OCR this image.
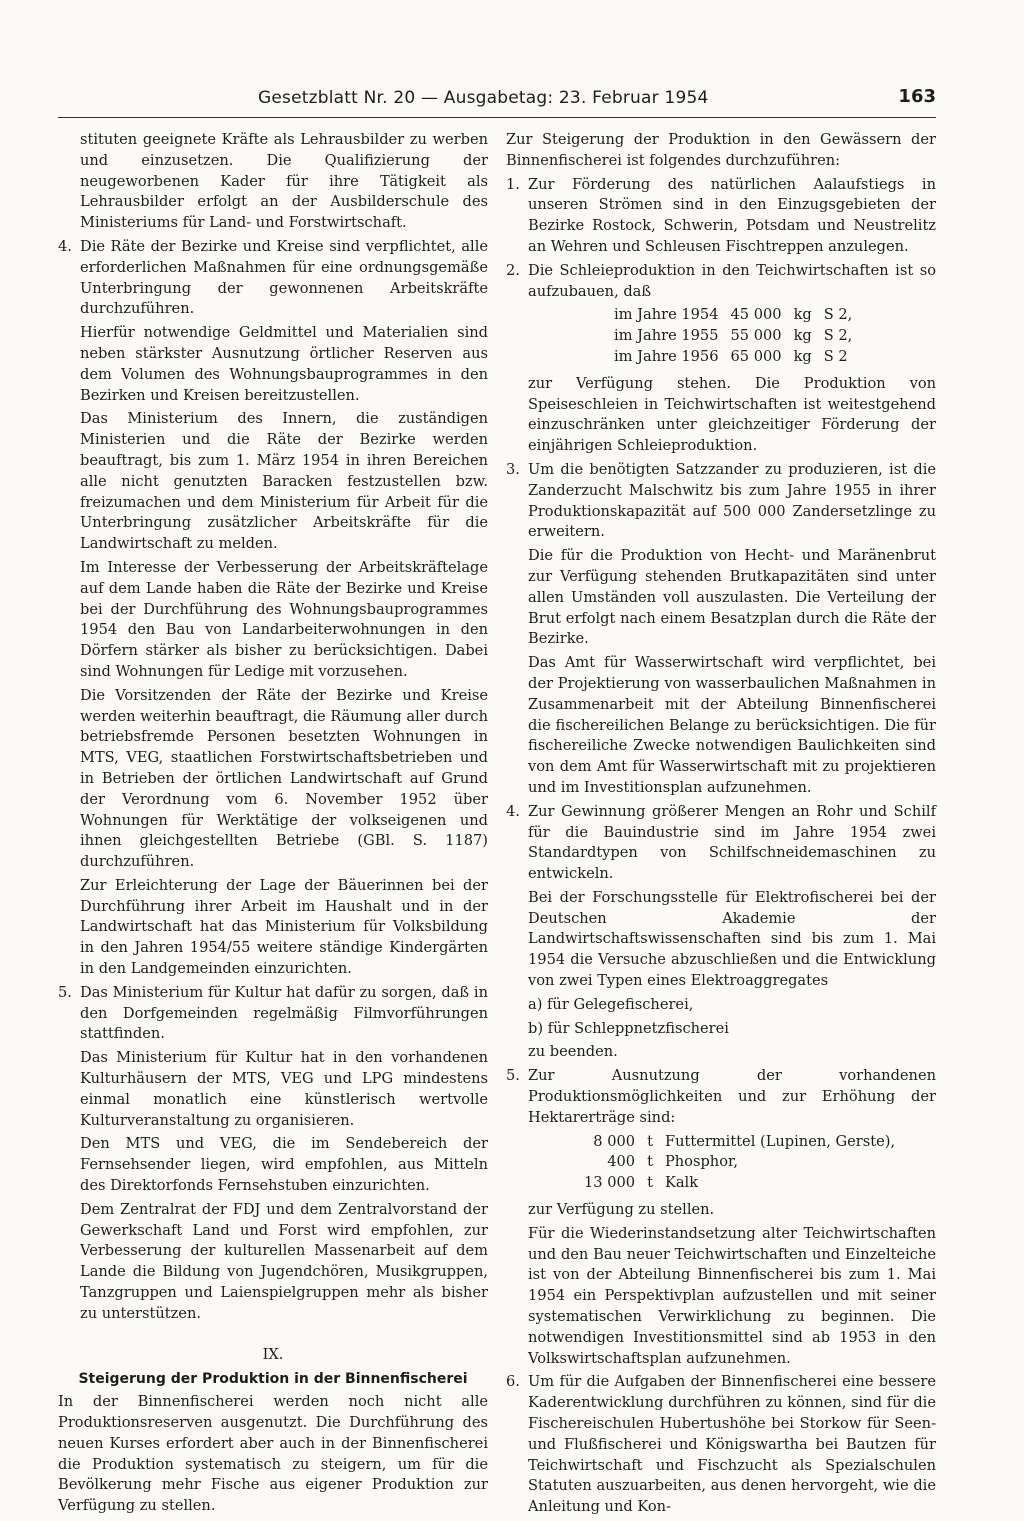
Gesetzblatt Nr. 20 — Ausgabetag: 23. Februar 1954	163

stituten geeignete Kräfte als Lehrausbilder zu werben und einzusetzen. Die Qualifizierung der neugeworbenen Kader für ihre Tätigkeit als Lehrausbilder erfolgt an der Ausbilderschule des Ministeriums für Land- und Forstwirtschaft.

4. Die Räte der Bezirke und Kreise sind verpflichtet, alle erforderlichen Maßnahmen für eine ordnungsgemäße Unterbringung der gewonnenen Arbeitskräfte durchzuführen.

Hierfür notwendige Geldmittel und Materialien sind neben stärkster Ausnutzung örtlicher Reserven aus dem Volumen des Wohnungsbauprogrammes in den Bezirken und Kreisen bereitzustellen.

Das Ministerium des Innern, die zuständigen Ministerien und die Räte der Bezirke werden beauftragt, bis zum 1. März 1954 in ihren Bereichen alle nicht genutzten Baracken festzustellen bzw. freizumachen und dem Ministerium für Arbeit für die Unterbringung zusätzlicher Arbeitskräfte für die Landwirtschaft zu melden.

Im Interesse der Verbesserung der Arbeitskräftelage auf dem Lande haben die Räte der Bezirke und Kreise bei der Durchführung des Wohnungsbauprogrammes 1954 den Bau von Landarbeiterwohnungen in den Dörfern stärker als bisher zu berücksichtigen. Dabei sind Wohnungen für Ledige mit vorzusehen.

Die Vorsitzenden der Räte der Bezirke und Kreise werden weiterhin beauftragt, die Räumung aller durch betriebsfremde Personen besetzten Wohnungen in MTS, VEG, staatlichen Forstwirtschaftsbetrieben und in Betrieben der örtlichen Landwirtschaft auf Grund der Verordnung vom 6. November 1952 über Wohnungen für Werktätige der volkseigenen und ihnen gleichgestellten Betriebe (GBl. S. 1187) durchzuführen.

Zur Erleichterung der Lage der Bäuerinnen bei der Durchführung ihrer Arbeit im Haushalt und in der Landwirtschaft hat das Ministerium für Volksbildung in den Jahren 1954/55 weitere ständige Kindergärten in den Landgemeinden einzurichten.

5. Das Ministerium für Kultur hat dafür zu sorgen, daß in den Dorfgemeinden regelmäßig Filmvorführungen stattfinden.

Das Ministerium für Kultur hat in den vorhandenen Kulturhäusern der MTS, VEG und LPG mindestens einmal monatlich eine künstlerisch wertvolle Kulturveranstaltung zu organisieren.

Den MTS und VEG, die im Sendebereich der Fernsehsender liegen, wird empfohlen, aus Mitteln des Direktorfonds Fernsehstuben einzurichten.

Dem Zentralrat der FDJ und dem Zentralvorstand der Gewerkschaft Land und Forst wird empfohlen, zur Verbesserung der kulturellen Massenarbeit auf dem Lande die Bildung von Jugendchören, Musikgruppen, Tanzgruppen und Laienspielgruppen mehr als bisher zu unterstützen.

IX.
Steigerung der Produktion in der Binnenfischerei

In der Binnenfischerei werden noch nicht alle Produktionsreserven ausgenutzt. Die Durchführung des neuen Kurses erfordert aber auch in der Binnenfischerei die Produktion systematisch zu steigern, um für die Bevölkerung mehr Fische aus eigener Produktion zur Verfügung zu stellen.

Zur Steigerung der Produktion in den Gewässern der Binnenfischerei ist folgendes durchzuführen:

1. Zur Förderung des natürlichen Aalaufstiegs in unseren Strömen sind in den Einzugsgebieten der Bezirke Rostock, Schwerin, Potsdam und Neustrelitz an Wehren und Schleusen Fischtreppen anzulegen.

2. Die Schleieproduktion in den Teichwirtschaften ist so aufzubauen, daß

im Jahre 1954	45 000	kg	S 2,
im Jahre 1955	55 000	kg	S 2,
im Jahre 1956	65 000	kg	S 2

zur Verfügung stehen. Die Produktion von Speiseschleien in Teichwirtschaften ist weitestgehend einzuschränken unter gleichzeitiger Förderung der einjährigen Schleieproduktion.

3. Um die benötigten Satzzander zu produzieren, ist die Zanderzucht Malschwitz bis zum Jahre 1955 in ihrer Produktionskapazität auf 500 000 Zandersetzlinge zu erweitern.

Die für die Produktion von Hecht- und Maränenbrut zur Verfügung stehenden Brutkapazitäten sind unter allen Umständen voll auszulasten. Die Verteilung der Brut erfolgt nach einem Besatzplan durch die Räte der Bezirke.

Das Amt für Wasserwirtschaft wird verpflichtet, bei der Projektierung von wasserbaulichen Maßnahmen in Zusammenarbeit mit der Abteilung Binnenfischerei die fischereilichen Belange zu berücksichtigen. Die für fischereiliche Zwecke notwendigen Baulichkeiten sind von dem Amt für Wasserwirtschaft mit zu projektieren und im Investitionsplan aufzunehmen.

4. Zur Gewinnung größerer Mengen an Rohr und Schilf für die Bauindustrie sind im Jahre 1954 zwei Standardtypen von Schilfschneidemaschinen zu entwickeln.

Bei der Forschungsstelle für Elektrofischerei bei der Deutschen Akademie der Landwirtschaftswissenschaften sind bis zum 1. Mai 1954 die Versuche abzuschließen und die Entwicklung von zwei Typen eines Elektroaggregates

a) für Gelegefischerei,

b) für Schleppnetzfischerei

zu beenden.

5. Zur Ausnutzung der vorhandenen Produktionsmöglichkeiten und zur Erhöhung der Hektarerträge sind:

8 000	t	Futtermittel (Lupinen, Gerste),
400	t	Phosphor,
13 000	t	Kalk

zur Verfügung zu stellen.

Für die Wiederinstandsetzung alter Teichwirtschaften und den Bau neuer Teichwirtschaften und Einzelteiche ist von der Abteilung Binnenfischerei bis zum 1. Mai 1954 ein Perspektivplan aufzustellen und mit seiner systematischen Verwirklichung zu beginnen. Die notwendigen Investitionsmittel sind ab 1953 in den Volkswirtschaftsplan aufzunehmen.

6. Um für die Aufgaben der Binnenfischerei eine bessere Kaderentwicklung durchführen zu können, sind für die Fischereischulen Hubertushöhe bei Storkow für Seen- und Flußfischerei und Königswartha bei Bautzen für Teichwirtschaft und Fischzucht als Spezialschulen Statuten auszuarbeiten, aus denen hervorgeht, wie die Anleitung und Kon-
